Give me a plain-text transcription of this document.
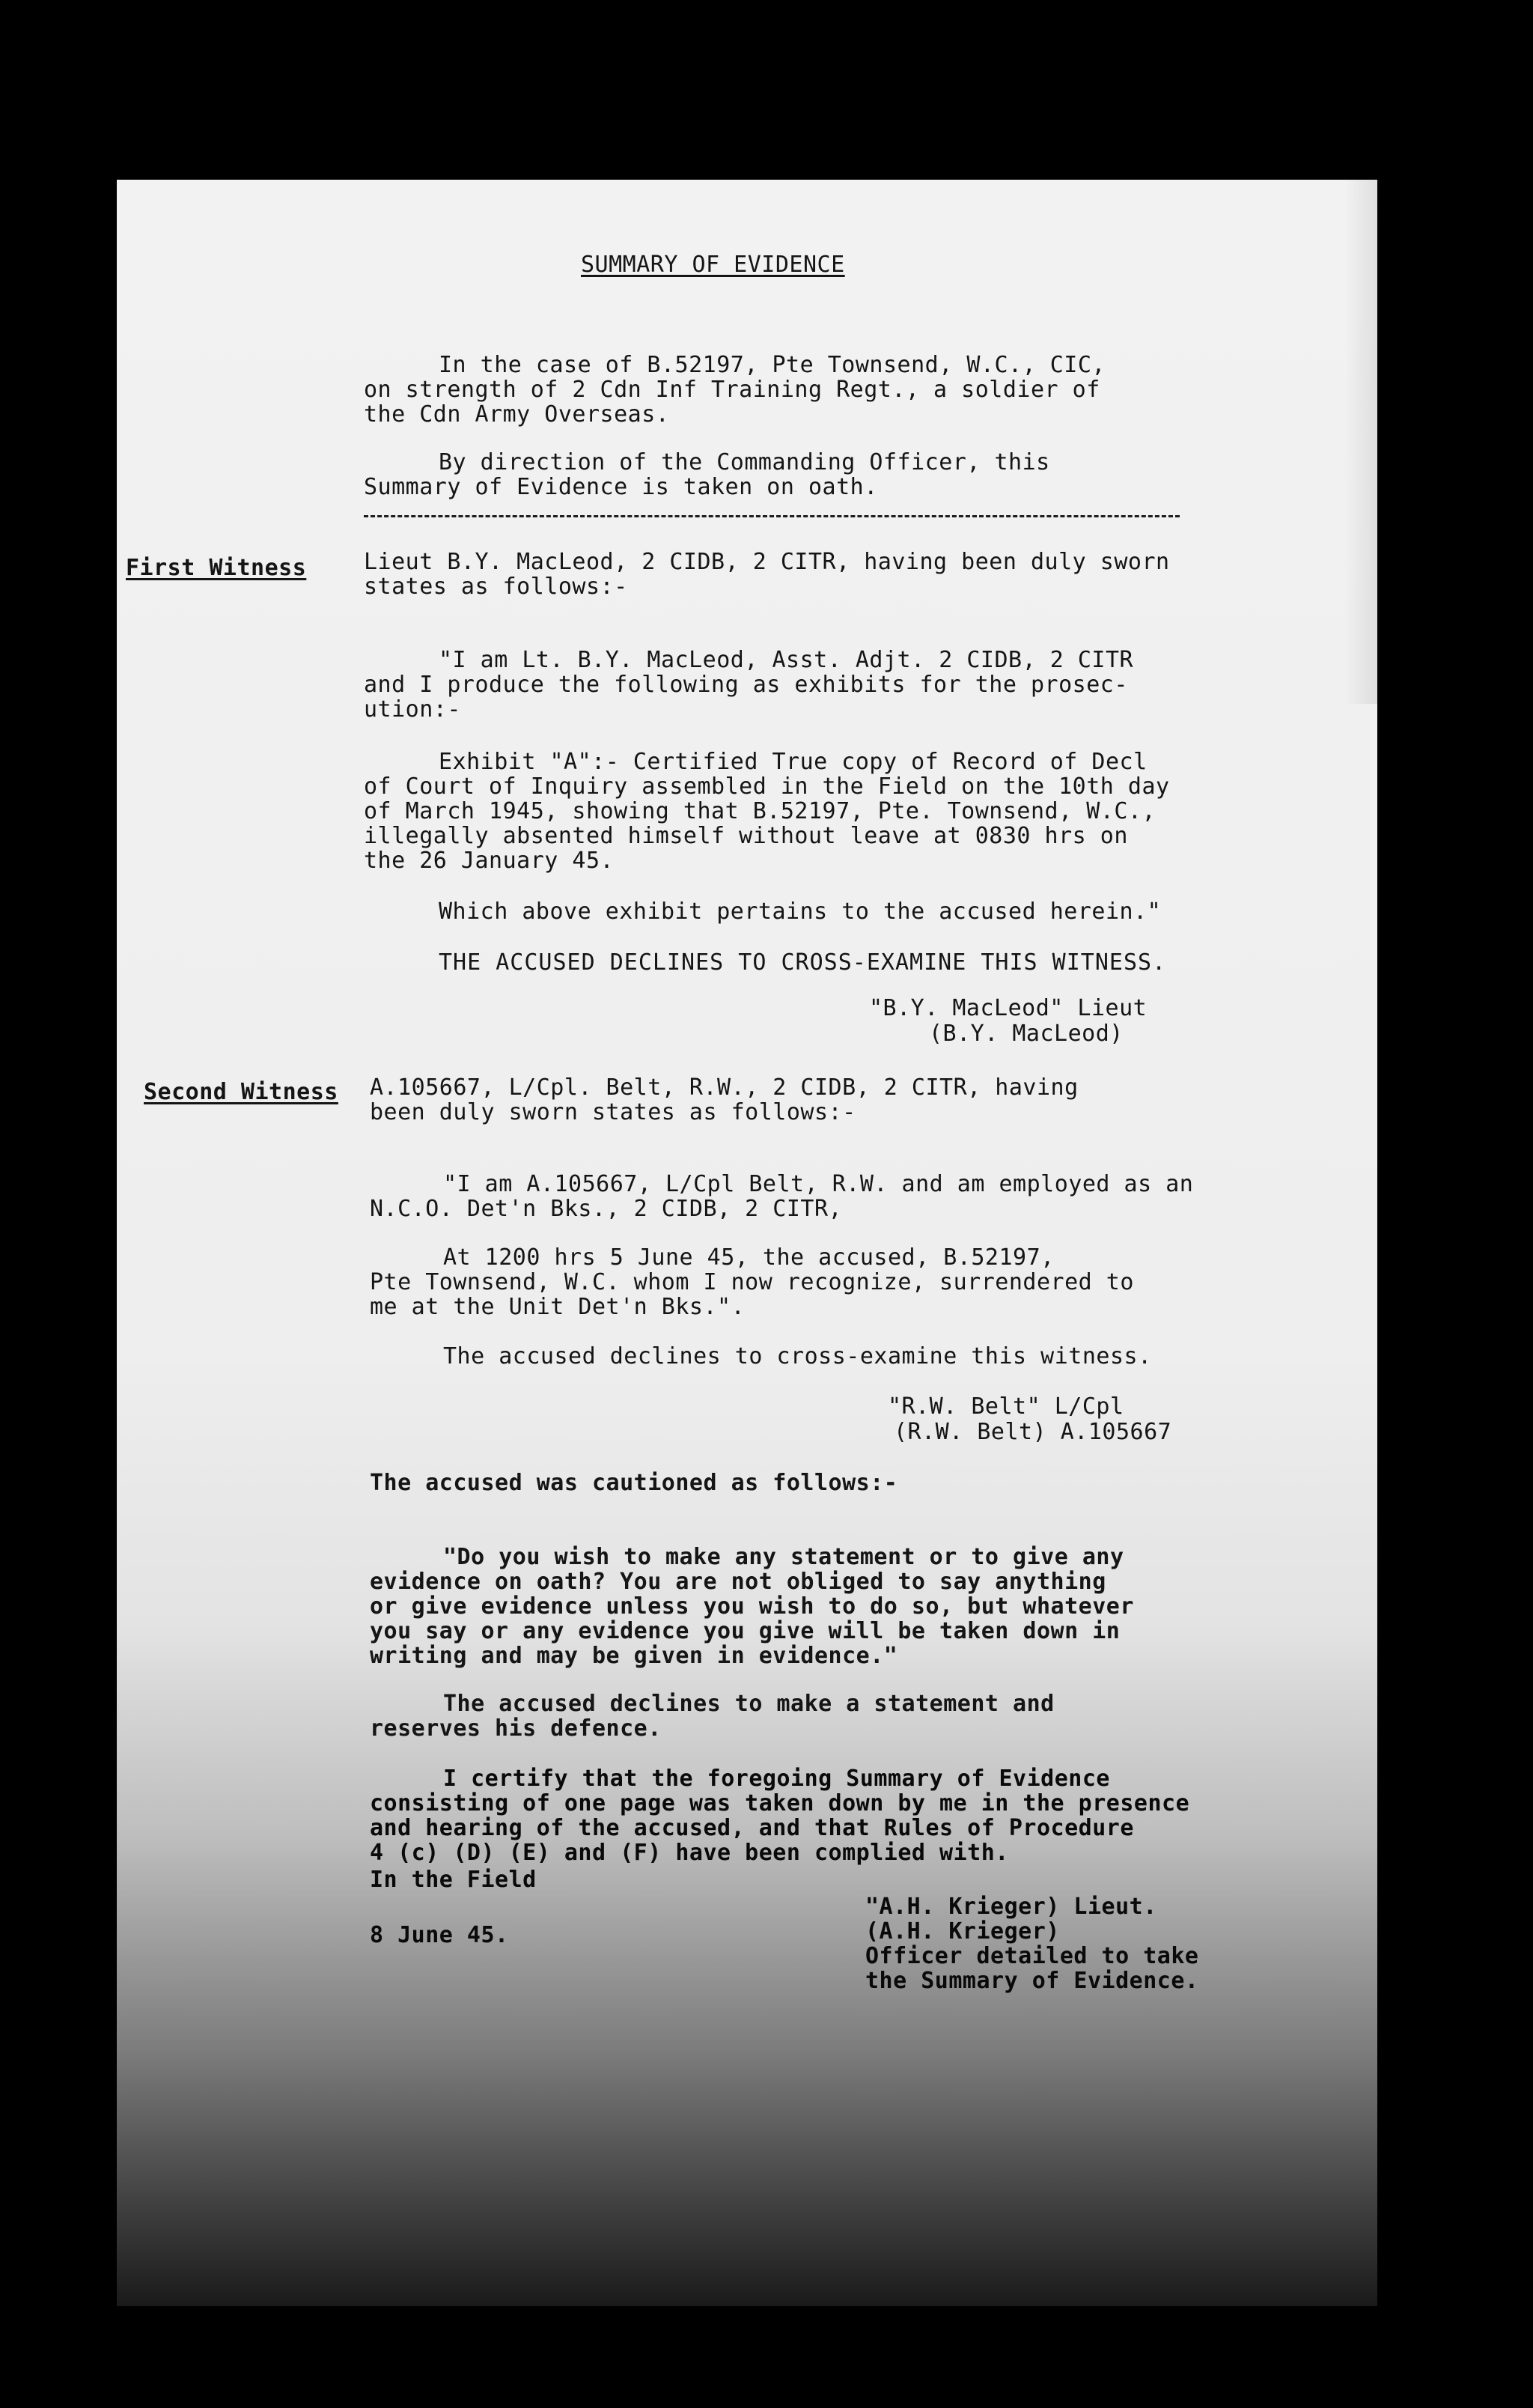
SUMMARY OF EVIDENCE

In the case of B.52197, Pte Townsend, W.C., CIC,
on strength of 2 Cdn Inf Training Regt., a soldier of
the Cdn Army Overseas.

By direction of the Commanding Officer, this
Summary of Evidence is taken on oath.

First Witness	Lieut B.Y. MacLeod, 2 CIDB, 2 CITR, having been duly sworn
states as follows:-

"I am Lt. B.Y. MacLeod, Asst. Adjt. 2 CIDB, 2 CITR
and I produce the following as exhibits for the prosec-
ution:-

Exhibit "A":- Certified True copy of Record of Decl
of Court of Inquiry assembled in the Field on the 10th day
of March 1945, showing that B.52197, Pte. Townsend, W.C.,
illegally absented himself without leave at 0830 hrs on
the 26 January 45.

Which above exhibit pertains to the accused herein."

THE ACCUSED DECLINES TO CROSS-EXAMINE THIS WITNESS.

"B.Y. MacLeod" Lieut
(B.Y. MacLeod)
Second Witness A.105667, L/Cpl. Belt, R.W., 2 CIDB, 2 CITR, having
been duly sworn states as follows:-

"I am A.105667, L/Cpl Belt, R.W. and am employed as an
N.C.O. Det'n Bks., 2 CIDB, 2 CITR,

At 1200 hrs 5 June 45, the accused, B.52197,
Pte Townsend, W.C. whom I now recognize, surrendered to
me at the Unit Det'n Bks.".

The accused declines to cross-examine this witness.

"R.W. Belt" L/Cpl
(R.W. Belt) A.105667
The accused was cautioned as follows:-

"Do you wish to make any statement or to give any
evidence on oath? You are not obliged to say anything
or give evidence unless you wish to do so, but whatever
you say or any evidence you give will be taken down in
writing and may be given in evidence."

The accused declines to make a statement and
reserves his defence.

I certify that the foregoing Summary of Evidence
consisting of one page was taken down by me in the presence
and hearing of the accused, and that Rules of Procedure
4 (c) (D) (E) and (F) have been complied with.

In the Field
8 June 45.
"A.H. Krieger) Lieut.
(A.H. Krieger)
Officer detailed to take
the Summary of Evidence.
